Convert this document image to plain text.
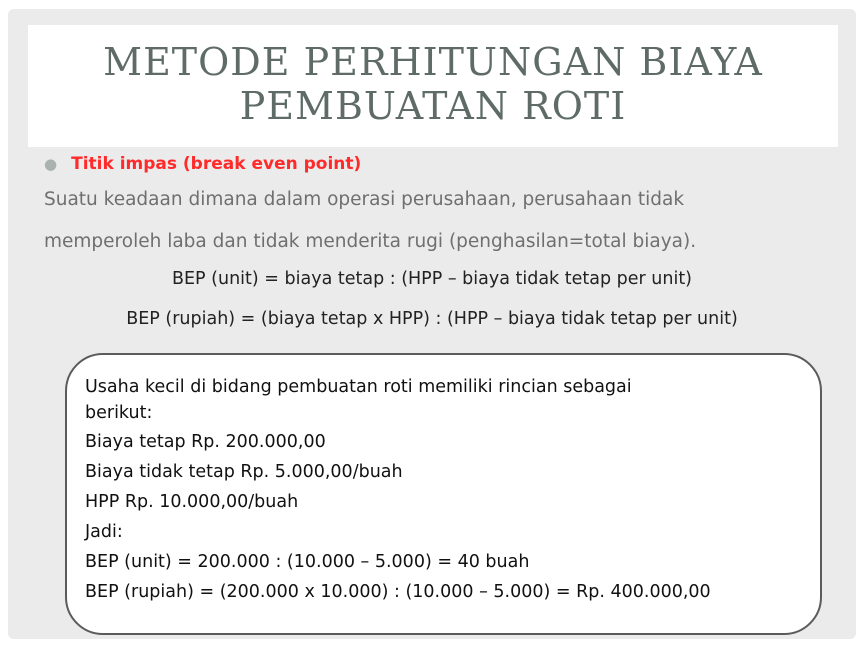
METODE PERHITUNGAN BIAYA
PEMBUATAN ROTI
● Titik impas (break even point)
Suatu keadaan dimana dalam operasi perusahaan, perusahaan tidak
memperoleh laba dan tidak menderita rugi (penghasilan=total biaya).
BEP (unit) = biaya tetap : (HPP – biaya tidak tetap per unit)
BEP (rupiah) = (biaya tetap x HPP) : (HPP – biaya tidak tetap per unit)
Usaha kecil di bidang pembuatan roti memiliki rincian sebagai
berikut:
Biaya tetap Rp. 200.000,00
Biaya tidak tetap Rp. 5.000,00/buah
HPP Rp. 10.000,00/buah
Jadi:
BEP (unit) = 200.000 : (10.000 – 5.000) = 40 buah
BEP (rupiah) = (200.000 x 10.000) : (10.000 – 5.000) = Rp. 400.000,00
